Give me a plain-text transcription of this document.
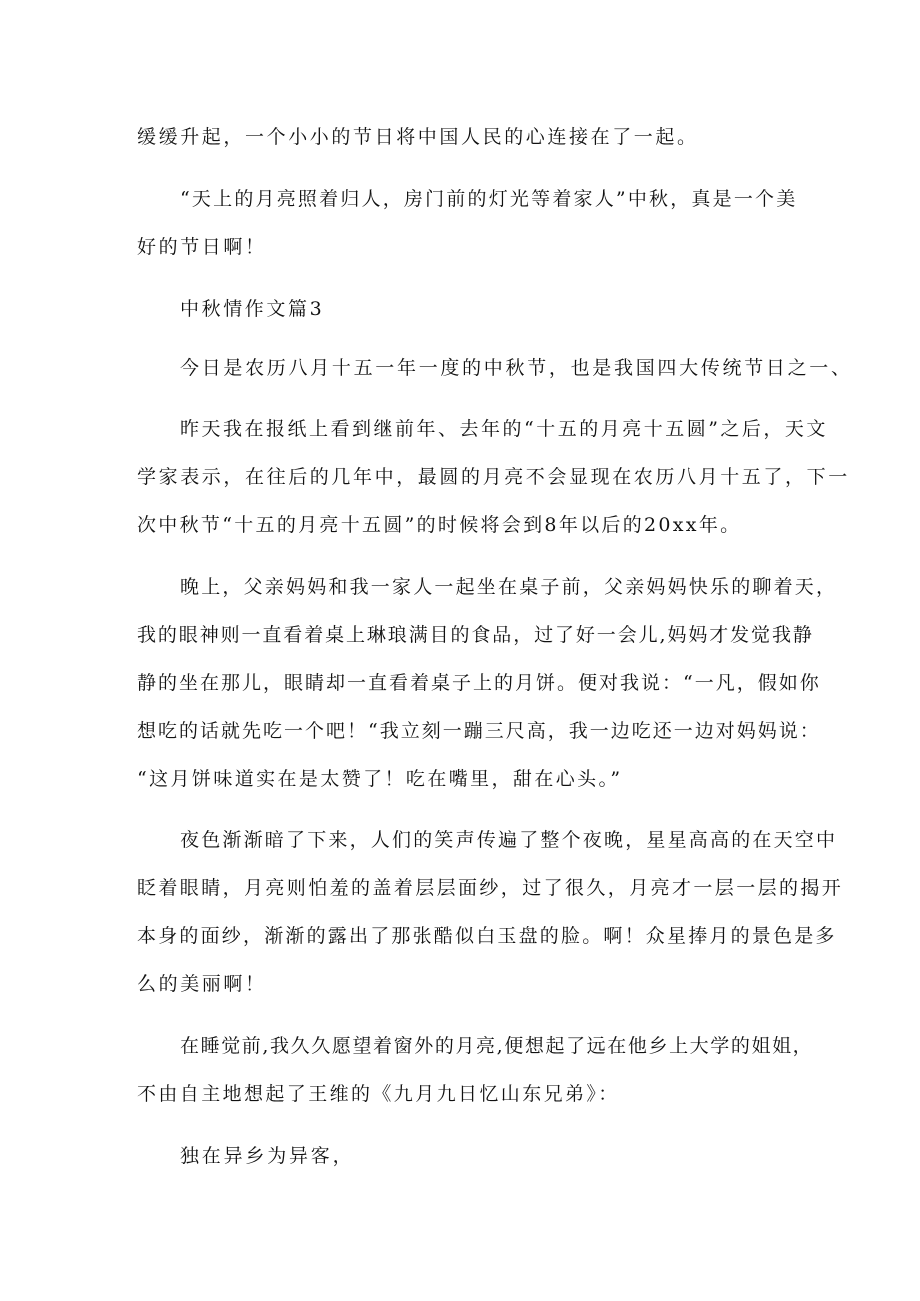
缓缓升起，一个小小的节日将中国人民的心连接在了一起。

“天上的月亮照着归人，房门前的灯光等着家人”中秋，真是一个美

好的节日啊！

中秋情作文篇3

今日是农历八月十五一年一度的中秋节，也是我国四大传统节日之一、

昨天我在报纸上看到继前年、去年的“十五的月亮十五圆”之后，天文

学家表示，在往后的几年中，最圆的月亮不会显现在农历八月十五了，下一

次中秋节“十五的月亮十五圆”的时候将会到8年以后的20xx年。

晚上，父亲妈妈和我一家人一起坐在桌子前，父亲妈妈快乐的聊着天，

我的眼神则一直看着桌上琳琅满目的食品，过了好一会儿,妈妈才发觉我静

静的坐在那儿，眼睛却一直看着桌子上的月饼。便对我说：“一凡，假如你

想吃的话就先吃一个吧！“我立刻一蹦三尺高，我一边吃还一边对妈妈说：

“这月饼味道实在是太赞了！吃在嘴里，甜在心头。”

夜色渐渐暗了下来，人们的笑声传遍了整个夜晚，星星高高的在天空中

眨着眼睛，月亮则怕羞的盖着层层面纱，过了很久，月亮才一层一层的揭开

本身的面纱，渐渐的露出了那张酷似白玉盘的脸。啊！众星捧月的景色是多

么的美丽啊！

在睡觉前,我久久愿望着窗外的月亮,便想起了远在他乡上大学的姐姐，

不由自主地想起了王维的《九月九日忆山东兄弟》：

独在异乡为异客，
